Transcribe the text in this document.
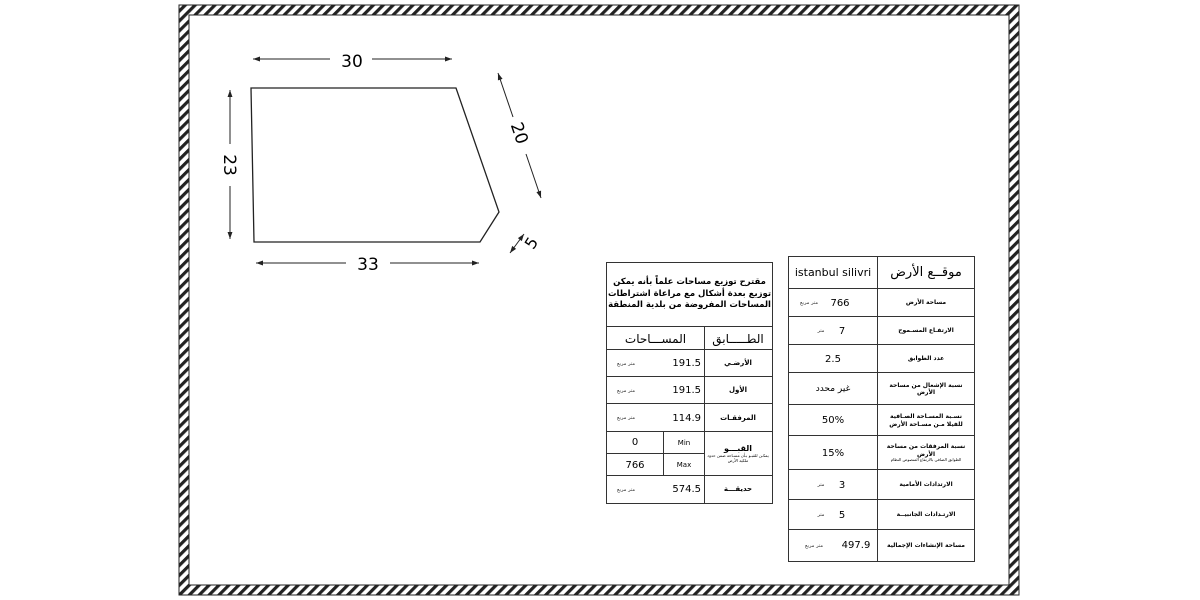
30
23
33
20
5
مقترح توزيع مساحات علماً بأنه يمكن
توزيع بعدة أشكال مع مراعاة اشتراطات
المساحات المفروضة من بلدية المنطقة
الطـــــابق
المســـاحات
الأرضـي
191.5
متر مربع
الأول
191.5
متر مربع
المرفقـات
114.9
متر مربع
القبـــو
يمكـن للقبـو بـأن مسـاحة ضمن حدود ملكية الأرض
Min
0
Max
766
حديقـــة
574.5
متر مربع
istanbul silivri	موقــع الأرض
مساحة الأرض
766
متر مربع
الارتفـاع المسـموح
7
متر
عدد الطوابق
2.5
نسبة الإشغال من مساحة الأرض
غير محدد
نسـبة المسـاحة الصـافية للفيلا مـن مسـاحة الأرض
50%
نسبة المرفقات من مساحة الأرض
الطوابق الصافي بالارتفاع المنصوص النظام
15%
الارتدادات الأمامية
3
متر
الارتـدادات الجانبيــة
5
متر
مساحة الإنشاءات الإجمالية
497.9
متر مربع
